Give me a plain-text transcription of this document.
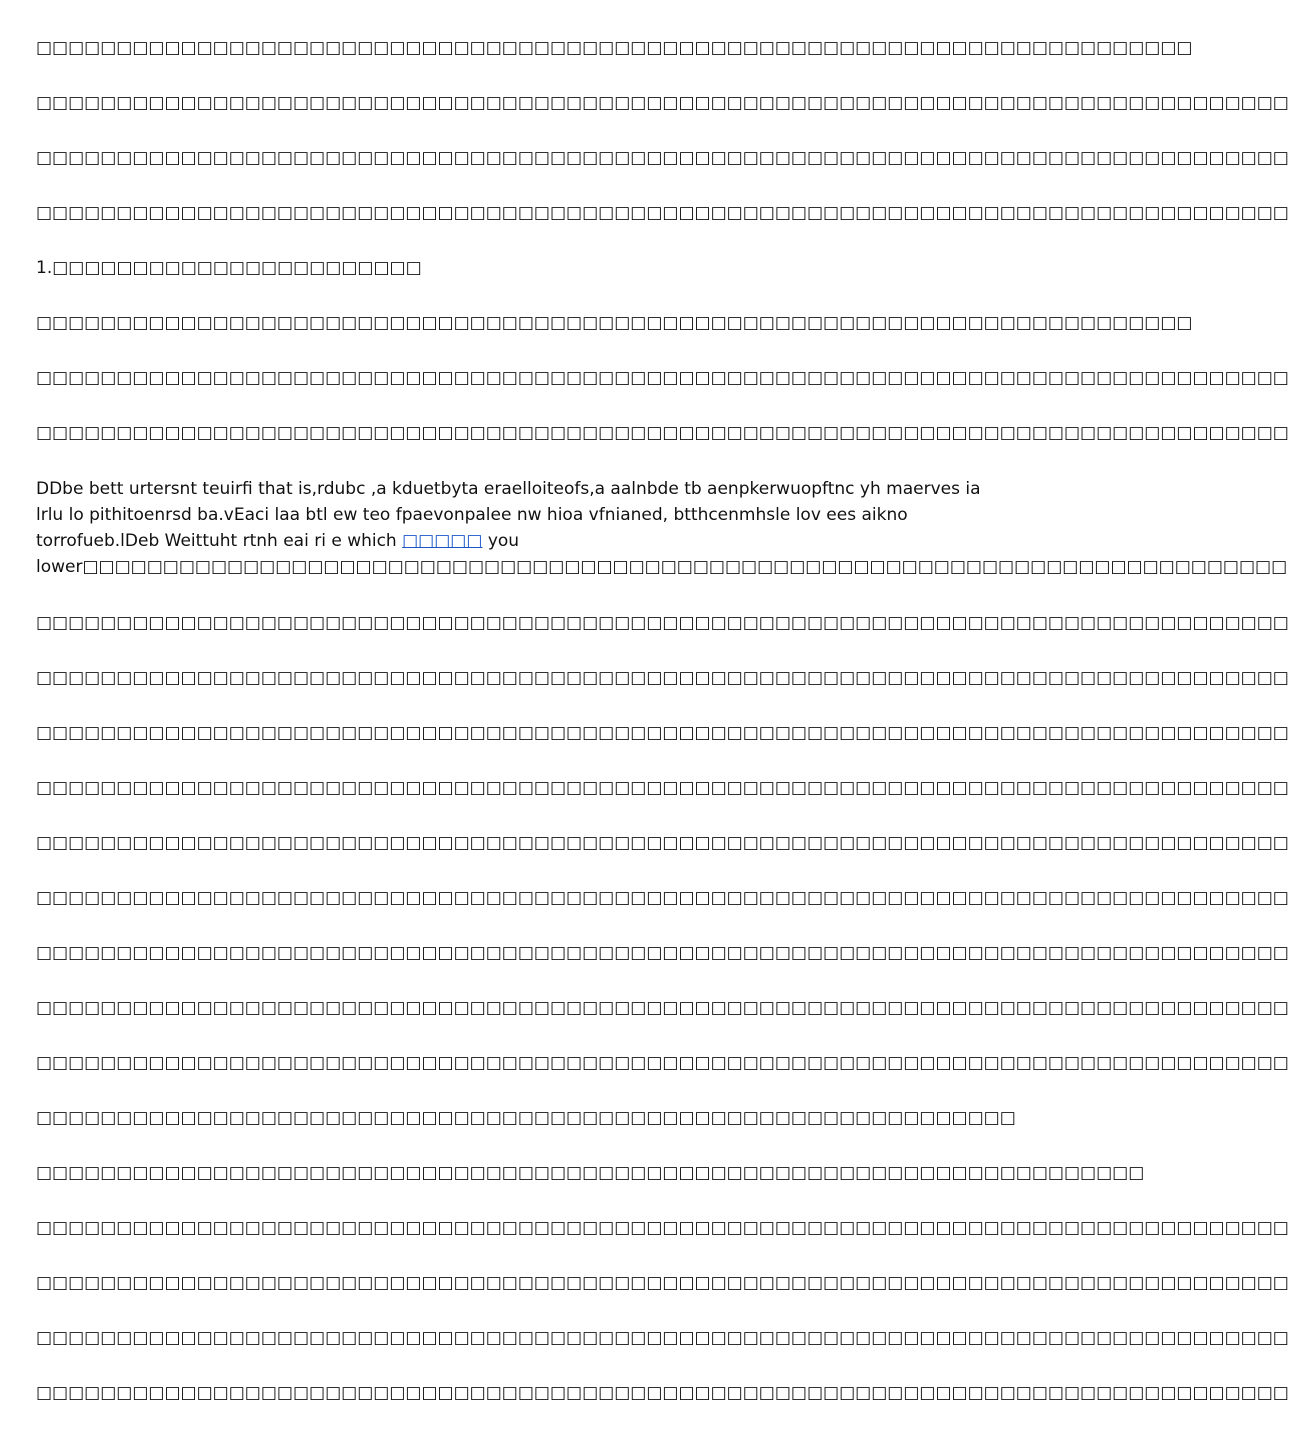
□□□□□□□□□□□□□□□□□□□□□□□□□□□□□□□□□□□□□□□□□□□□□□□□□□□□□□□□□□□□□□□□□□□□□□□□
□□□□□□□□□□□□□□□□□□□□□□□□□□□□□□□□□□□□□□□□□□□□□□□□□□□□□□□□□□□□□□□□□□□□□□□□□□□□□□
□□□□□□□□□□□□□□□□□□□□□□□□□□□□□□□□□□□□□□□□□□□□□□□□□□□□□□□□□□□□□□□□□□□□□□□□□□□□□□
□□□□□□□□□□□□□□□□□□□□□□□□□□□□□□□□□□□□□□□□□□□□□□□□□□□□□□□□□□□□□□□□□□□□□□□□□□□□□□
1.□□□□□□□□□□□□□□□□□□□□□□□
□□□□□□□□□□□□□□□□□□□□□□□□□□□□□□□□□□□□□□□□□□□□□□□□□□□□□□□□□□□□□□□□□□□□□□□□
□□□□□□□□□□□□□□□□□□□□□□□□□□□□□□□□□□□□□□□□□□□□□□□□□□□□□□□□□□□□□□□□□□□□□□□□□□□□□□
□□□□□□□□□□□□□□□□□□□□□□□□□□□□□□□□□□□□□□□□□□□□□□□□□□□□□□□□□□□□□□□□□□□□□□□□□□□□□□
DDbe bett urtersnt teuirfi that is,rdubc ,a kduetbyta eraelloiteofs,a aalnbde tb aenpkerwuopftnc yh maerves ia lrlu lo pithitoenrsd ba.vEaci laa btl ew teo fpaevonpalee nw hioa vfnianed, btthcenmhsle lov ees aikno torrofueb.lDeb Weittuht rtnh eai ri e which □□□□□ you
lower□□□□□□□□□□□□□□□□□□□□□□□□□□□□□□□□□□□□□□□□□□□□□□□□□□□□□□□□□□□□□□□□□□□□□□□□□□□
□□□□□□□□□□□□□□□□□□□□□□□□□□□□□□□□□□□□□□□□□□□□□□□□□□□□□□□□□□□□□□□□□□□□□□□□□□□□□□
□□□□□□□□□□□□□□□□□□□□□□□□□□□□□□□□□□□□□□□□□□□□□□□□□□□□□□□□□□□□□□□□□□□□□□□□□□□□□□
□□□□□□□□□□□□□□□□□□□□□□□□□□□□□□□□□□□□□□□□□□□□□□□□□□□□□□□□□□□□□□□□□□□□□□□□□□□□□□
□□□□□□□□□□□□□□□□□□□□□□□□□□□□□□□□□□□□□□□□□□□□□□□□□□□□□□□□□□□□□□□□□□□□□□□□□□□□□□
□□□□□□□□□□□□□□□□□□□□□□□□□□□□□□□□□□□□□□□□□□□□□□□□□□□□□□□□□□□□□□□□□□□□□□□□□□□□□□
□□□□□□□□□□□□□□□□□□□□□□□□□□□□□□□□□□□□□□□□□□□□□□□□□□□□□□□□□□□□□□□□□□□□□□□□□□□□□□
□□□□□□□□□□□□□□□□□□□□□□□□□□□□□□□□□□□□□□□□□□□□□□□□□□□□□□□□□□□□□□□□□□□□□□□□□□□□□□
□□□□□□□□□□□□□□□□□□□□□□□□□□□□□□□□□□□□□□□□□□□□□□□□□□□□□□□□□□□□□□□□□□□□□□□□□□□□□□
□□□□□□□□□□□□□□□□□□□□□□□□□□□□□□□□□□□□□□□□□□□□□□□□□□□□□□□□□□□□□□□□□□□□□□□□□□□□□□
□□□□□□□□□□□□□□□□□□□□□□□□□□□□□□□□□□□□□□□□□□□□□□□□□□□□□□□□□□□□□
□□□□□□□□□□□□□□□□□□□□□□□□□□□□□□□□□□□□□□□□□□□□□□□□□□□□□□□□□□□□□□□□□□□□□
□□□□□□□□□□□□□□□□□□□□□□□□□□□□□□□□□□□□□□□□□□□□□□□□□□□□□□□□□□□□□□□□□□□□□□□□□□□□□□
□□□□□□□□□□□□□□□□□□□□□□□□□□□□□□□□□□□□□□□□□□□□□□□□□□□□□□□□□□□□□□□□□□□□□□□□□□□□□□
□□□□□□□□□□□□□□□□□□□□□□□□□□□□□□□□□□□□□□□□□□□□□□□□□□□□□□□□□□□□□□□□□□□□□□□□□□□□□□
□□□□□□□□□□□□□□□□□□□□□□□□□□□□□□□□□□□□□□□□□□□□□□□□□□□□□□□□□□□□□□□□□□□□□□□□□□□□□□
